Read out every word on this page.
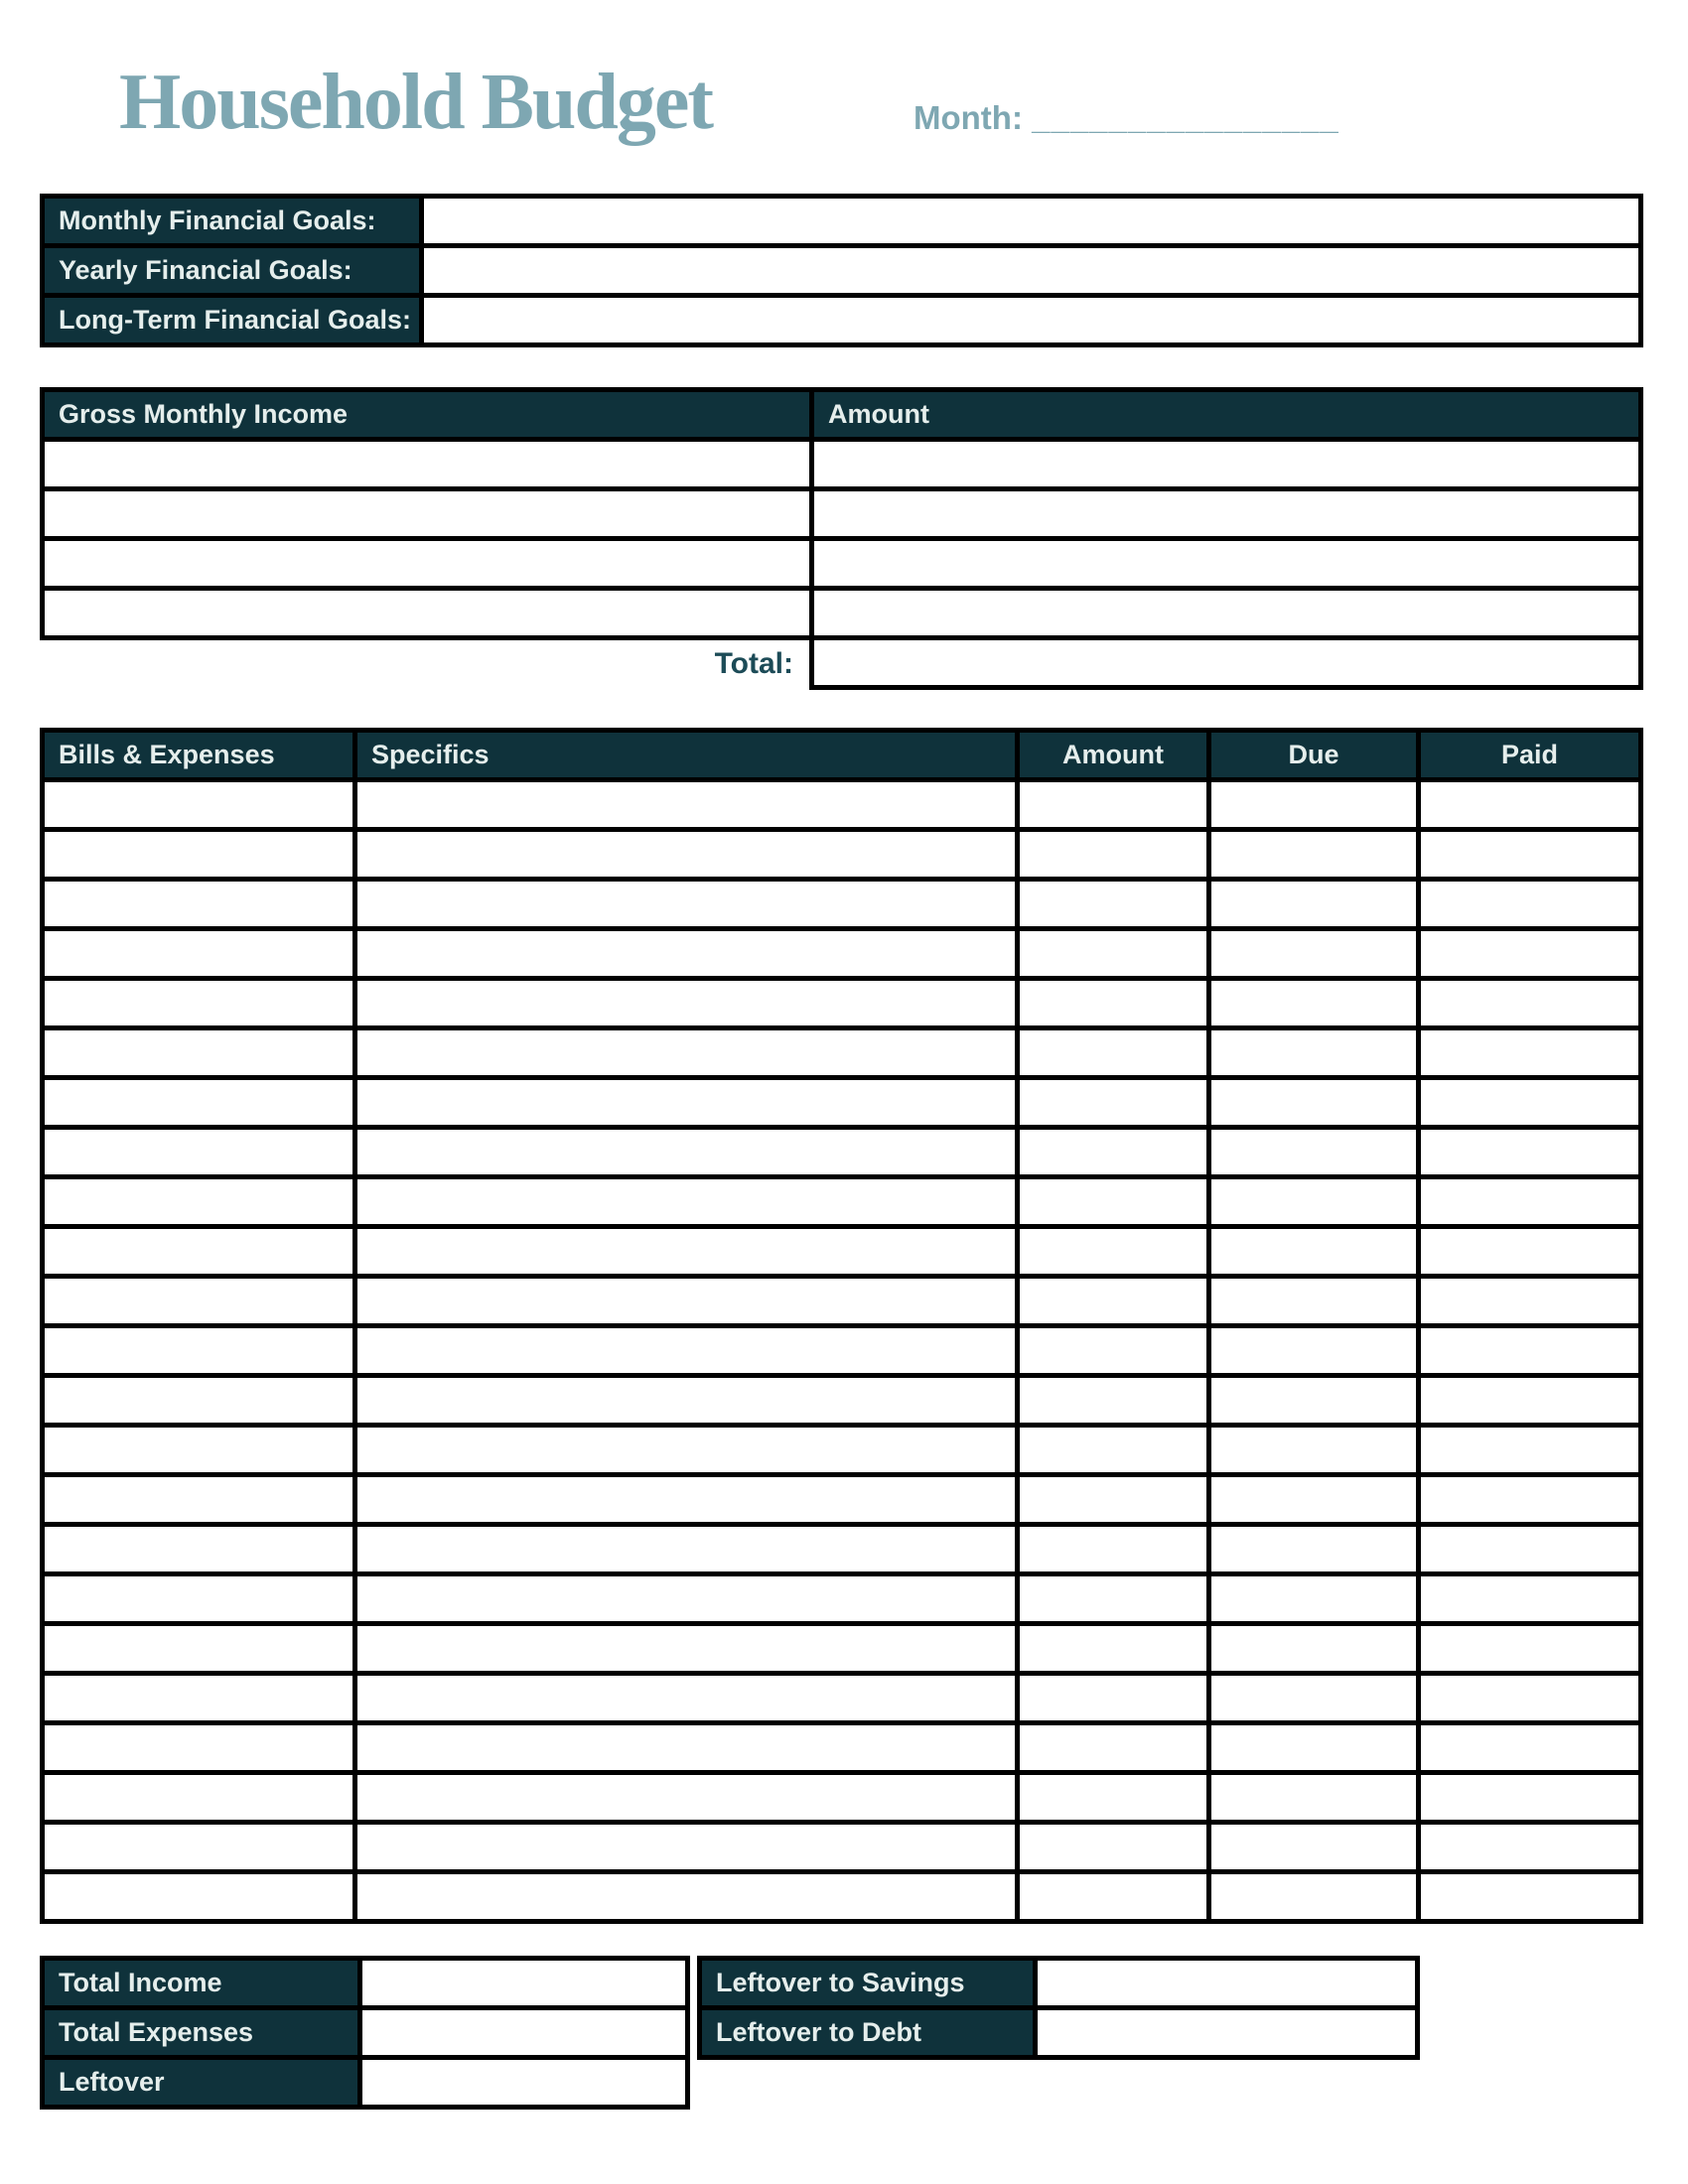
Household Budget	Month: ________________
Monthly Financial Goals:	
Yearly Financial Goals:	
Long-Term Financial Goals:	
Gross Monthly Income	Amount

Total:	
Bills & Expenses	Specifics	Amount	Due	Paid

Total Income	
Total Expenses	
Leftover	
Leftover to Savings	
Leftover to Debt	
